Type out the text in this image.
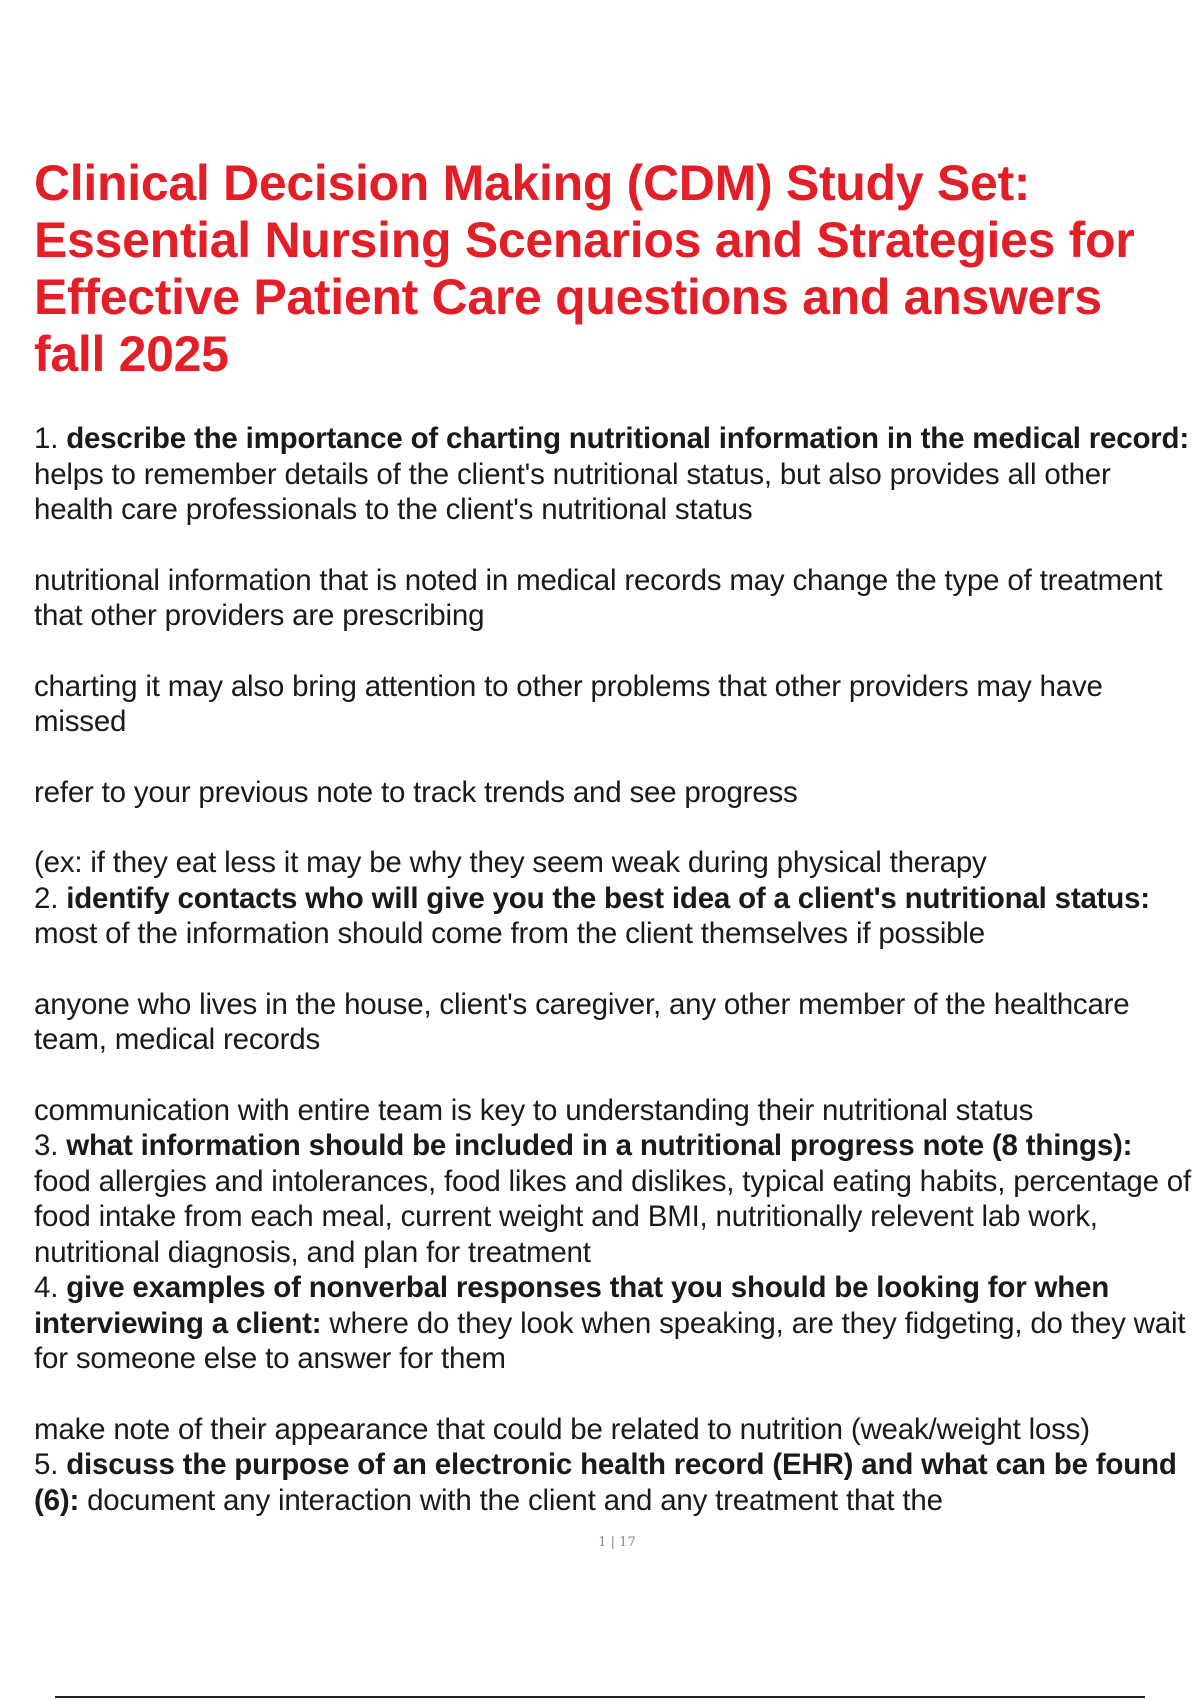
Clinical Decision Making (CDM) Study Set: Essential Nursing Scenarios and Strategies for Effective Patient Care questions and answers fall 2025

1. describe the importance of charting nutritional information in the medical record: helps to remember details of the client's nutritional status, but also provides all other health care professionals to the client's nutritional status

nutritional information that is noted in medical records may change the type of treatment that other providers are prescribing

charting it may also bring attention to other problems that other providers may have missed

refer to your previous note to track trends and see progress

(ex: if they eat less it may be why they seem weak during physical therapy

2. identify contacts who will give you the best idea of a client's nutritional status: most of the information should come from the client themselves if possible

anyone who lives in the house, client's caregiver, any other member of the healthcare team, medical records

communication with entire team is key to understanding their nutritional status

3. what information should be included in a nutritional progress note (8 things): food allergies and intolerances, food likes and dislikes, typical eating habits, percentage of food intake from each meal, current weight and BMI, nutritionally relevent lab work, nutritional diagnosis, and plan for treatment

4. give examples of nonverbal responses that you should be looking for when interviewing a client: where do they look when speaking, are they fidgeting, do they wait for someone else to answer for them

make note of their appearance that could be related to nutrition (weak/weight loss)

5. discuss the purpose of an electronic health record (EHR) and what can be found (6): document any interaction with the client and any treatment that the

1 | 17
